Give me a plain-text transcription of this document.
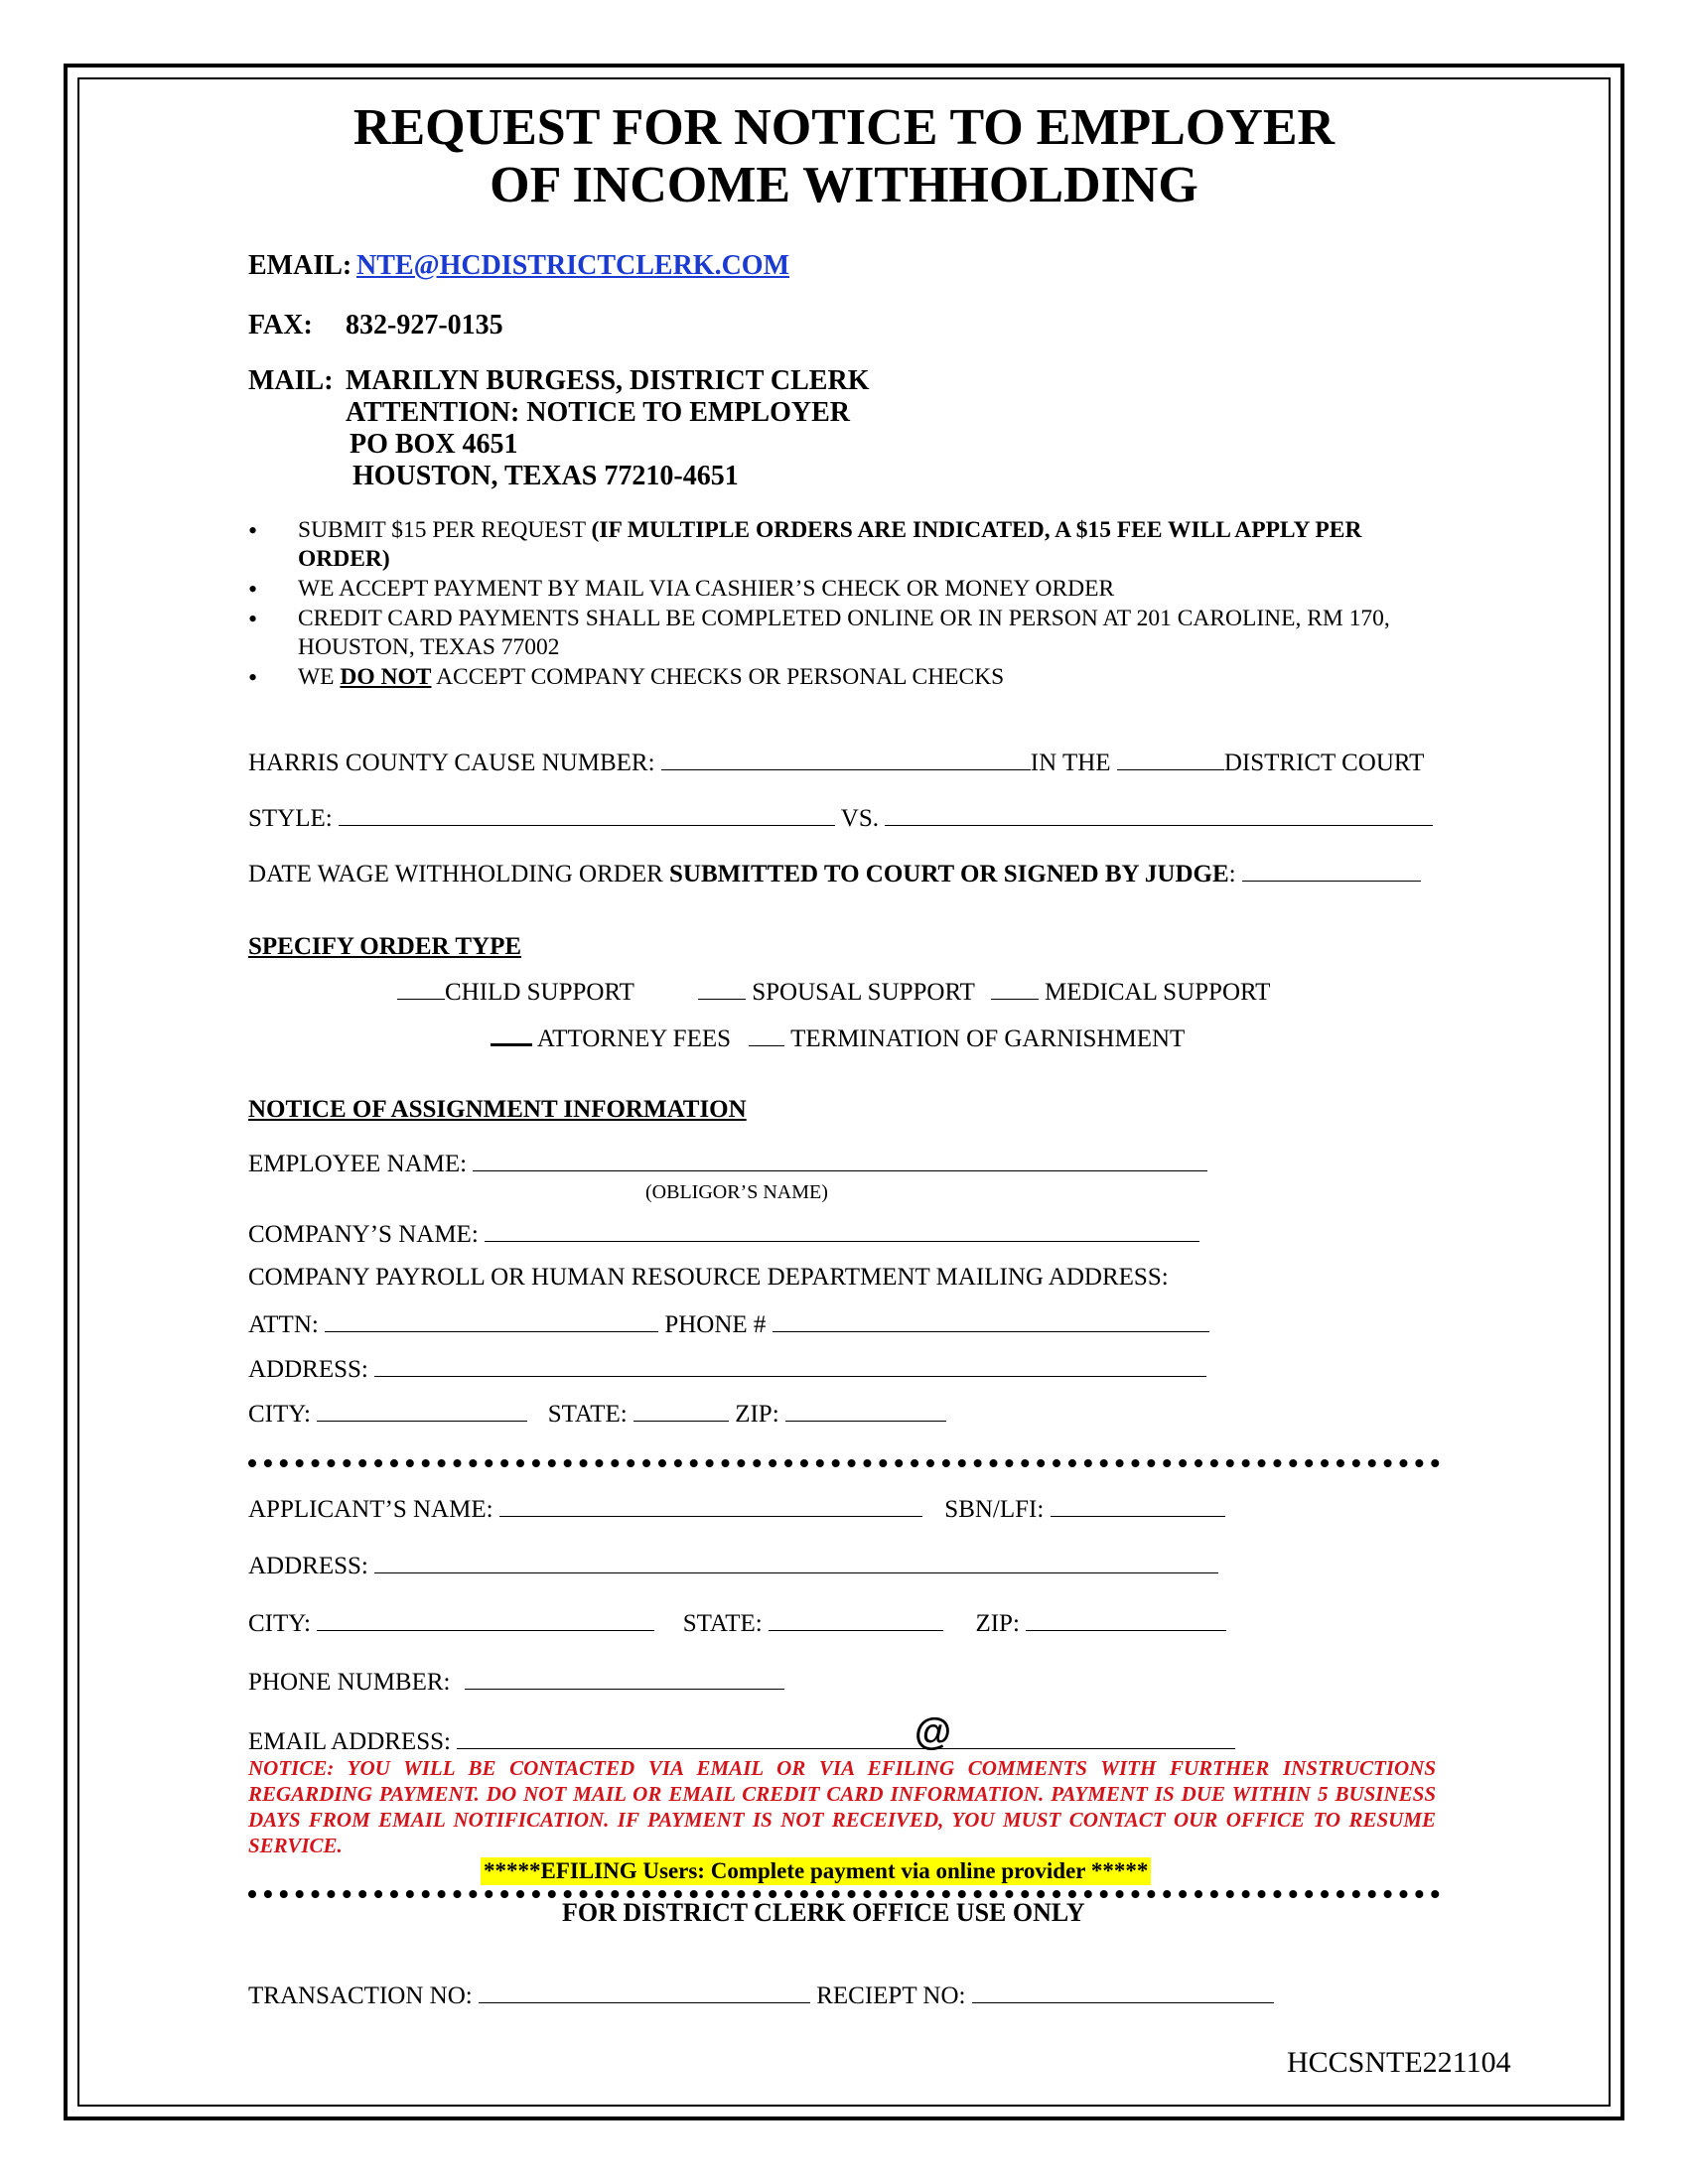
REQUEST FOR NOTICE TO EMPLOYER
OF INCOME WITHHOLDING
EMAIL: NTE@HCDISTRICTCLERK.COM
FAX: 832-927-0135
MAIL: MARILYN BURGESS, DISTRICT CLERK
ATTENTION: NOTICE TO EMPLOYER
PO BOX 4651
HOUSTON, TEXAS 77210-4651
• SUBMIT $15 PER REQUEST (IF MULTIPLE ORDERS ARE INDICATED, A $15 FEE WILL APPLY PER ORDER)
• WE ACCEPT PAYMENT BY MAIL VIA CASHIER’S CHECK OR MONEY ORDER
• CREDIT CARD PAYMENTS SHALL BE COMPLETED ONLINE OR IN PERSON AT 201 CAROLINE, RM 170, HOUSTON, TEXAS 77002
• WE DO NOT ACCEPT COMPANY CHECKS OR PERSONAL CHECKS
HARRIS COUNTY CAUSE NUMBER:	IN THE	DISTRICT COURT
STYLE:	VS.
DATE WAGE WITHHOLDING ORDER SUBMITTED TO COURT OR SIGNED BY JUDGE:
SPECIFY ORDER TYPE
CHILD SUPPORT	SPOUSAL SUPPORT	MEDICAL SUPPORT
ATTORNEY FEES TERMINATION OF GARNISHMENT
NOTICE OF ASSIGNMENT INFORMATION
EMPLOYEE NAME:
(OBLIGOR’S NAME)
COMPANY’S NAME:
COMPANY PAYROLL OR HUMAN RESOURCE DEPARTMENT MAILING ADDRESS:
ATTN:	PHONE #
ADDRESS:
CITY:	STATE:	ZIP:
APPLICANT’S NAME:	SBN/LFI:
ADDRESS:
CITY:	STATE:	ZIP:
PHONE NUMBER:
EMAIL ADDRESS:	@
NOTICE: YOU WILL BE CONTACTED VIA EMAIL OR VIA EFILING COMMENTS WITH FURTHER INSTRUCTIONS REGARDING PAYMENT. DO NOT MAIL OR EMAIL CREDIT CARD INFORMATION. PAYMENT IS DUE WITHIN 5 BUSINESS DAYS FROM EMAIL NOTIFICATION. IF PAYMENT IS NOT RECEIVED, YOU MUST CONTACT OUR OFFICE TO RESUME SERVICE.
*****EFILING Users: Complete payment via online provider *****
FOR DISTRICT CLERK OFFICE USE ONLY
TRANSACTION NO:	RECIEPT NO:
HCCSNTE221104
